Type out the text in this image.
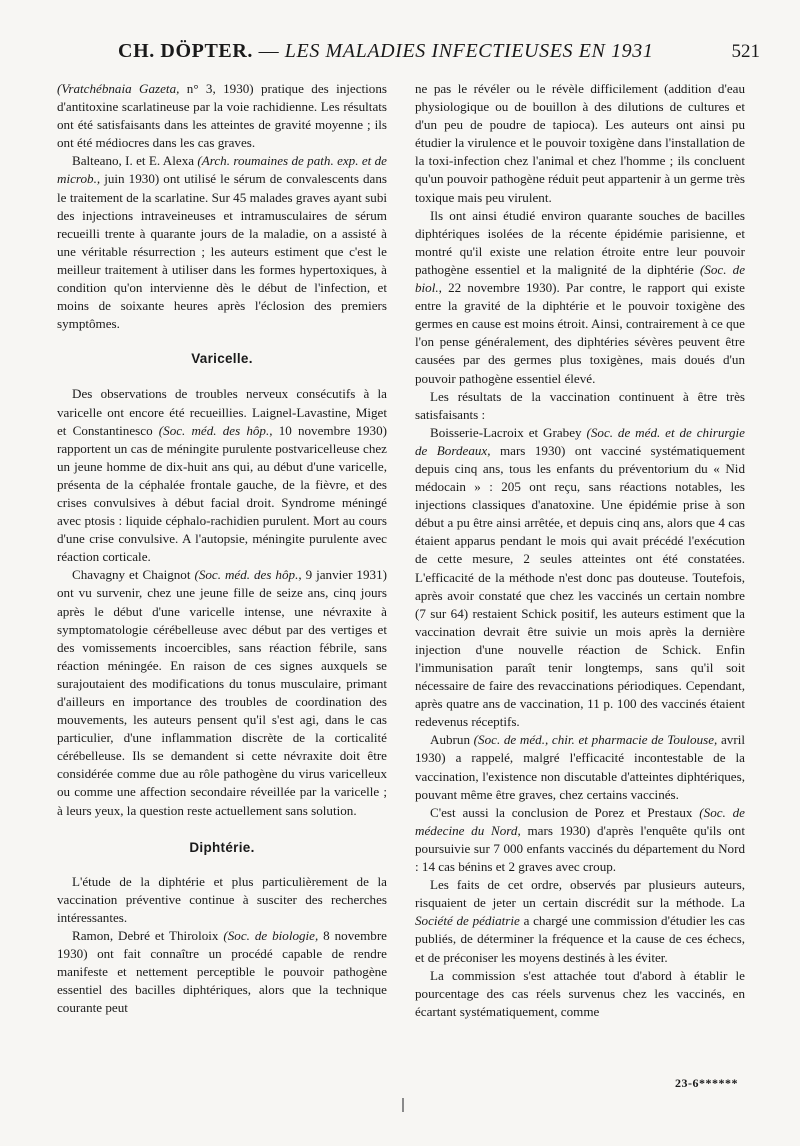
CH. DÖPTER. — LES MALADIES INFECTIEUSES EN 1931	521

(Vratchébnaia Gazeta, n° 3, 1930) pratique des injections d'antitoxine scarlatineuse par la voie rachidienne. Les résultats ont été satisfaisants dans les atteintes de gravité moyenne ; ils ont été médiocres dans les cas graves.

Balteano, I. et E. Alexa (Arch. roumaines de path. exp. et de microb., juin 1930) ont utilisé le sérum de convalescents dans le traitement de la scarlatine. Sur 45 malades graves ayant subi des injections intraveineuses et intramusculaires de sérum recueilli trente à quarante jours de la maladie, on a assisté à une véritable résurrection ; les auteurs estiment que c'est le meilleur traitement à utiliser dans les formes hypertoxiques, à condition qu'on intervienne dès le début de l'infection, et moins de soixante heures après l'éclosion des premiers symptômes.

Varicelle.

Des observations de troubles nerveux consécutifs à la varicelle ont encore été recueillies. Laignel-Lavastine, Miget et Constantinesco (Soc. méd. des hôp., 10 novembre 1930) rapportent un cas de méningite purulente postvaricelleuse chez un jeune homme de dix-huit ans qui, au début d'une varicelle, présenta de la céphalée frontale gauche, de la fièvre, et des crises convulsives à début facial droit. Syndrome méningé avec ptosis : liquide céphalo-rachidien purulent. Mort au cours d'une crise convulsive. A l'autopsie, méningite purulente avec réaction corticale.

Chavagny et Chaignot (Soc. méd. des hôp., 9 janvier 1931) ont vu survenir, chez une jeune fille de seize ans, cinq jours après le début d'une varicelle intense, une névraxite à symptomatologie cérébelleuse avec début par des vertiges et des vomissements incoercibles, sans réaction fébrile, sans réaction méningée. En raison de ces signes auxquels se surajoutaient des modifications du tonus musculaire, primant d'ailleurs en importance des troubles de coordination des mouvements, les auteurs pensent qu'il s'est agi, dans le cas particulier, d'une inflammation discrète de la corticalité cérébelleuse. Ils se demandent si cette névraxite doit être considérée comme due au rôle pathogène du virus varicelleux ou comme une affection secondaire réveillée par la varicelle ; à leurs yeux, la question reste actuellement sans solution.

Diphtérie.

L'étude de la diphtérie et plus particulièrement de la vaccination préventive continue à susciter des recherches intéressantes.

Ramon, Debré et Thiroloix (Soc. de biologie, 8 novembre 1930) ont fait connaître un procédé capable de rendre manifeste et nettement perceptible le pouvoir pathogène essentiel des bacilles diphtériques, alors que la technique courante peut

ne pas le révéler ou le révèle difficilement (addition d'eau physiologique ou de bouillon à des dilutions de cultures et d'un peu de poudre de tapioca). Les auteurs ont ainsi pu étudier la virulence et le pouvoir toxigène dans l'installation de la toxi-infection chez l'animal et chez l'homme ; ils concluent qu'un pouvoir pathogène réduit peut appartenir à un germe très toxique mais peu virulent.

Ils ont ainsi étudié environ quarante souches de bacilles diphtériques isolées de la récente épidémie parisienne, et montré qu'il existe une relation étroite entre leur pouvoir pathogène essentiel et la malignité de la diphtérie (Soc. de biol., 22 novembre 1930). Par contre, le rapport qui existe entre la gravité de la diphtérie et le pouvoir toxigène des germes en cause est moins étroit. Ainsi, contrairement à ce que l'on pense généralement, des diphtéries sévères peuvent être causées par des germes plus toxigènes, mais doués d'un pouvoir pathogène essentiel élevé.

Les résultats de la vaccination continuent à être très satisfaisants :

Boisserie-Lacroix et Grabey (Soc. de méd. et de chirurgie de Bordeaux, mars 1930) ont vacciné systématiquement depuis cinq ans, tous les enfants du préventorium du « Nid médocain » : 205 ont reçu, sans réactions notables, les injections classiques d'anatoxine. Une épidémie prise à son début a pu être ainsi arrêtée, et depuis cinq ans, alors que 4 cas étaient apparus pendant le mois qui avait précédé l'exécution de cette mesure, 2 seules atteintes ont été constatées. L'efficacité de la méthode n'est donc pas douteuse. Toutefois, après avoir constaté que chez les vaccinés un certain nombre (7 sur 64) restaient Schick positif, les auteurs estiment que la vaccination devrait être suivie un mois après la dernière injection d'une nouvelle réaction de Schick. Enfin l'immunisation paraît tenir longtemps, sans qu'il soit nécessaire de faire des revaccinations périodiques. Cependant, après quatre ans de vaccination, 11 p. 100 des vaccinés étaient redevenus réceptifs.

Aubrun (Soc. de méd., chir. et pharmacie de Toulouse, avril 1930) a rappelé, malgré l'efficacité incontestable de la vaccination, l'existence non discutable d'atteintes diphtériques, pouvant même être graves, chez certains vaccinés.

C'est aussi la conclusion de Porez et Prestaux (Soc. de médecine du Nord, mars 1930) d'après l'enquête qu'ils ont poursuivie sur 7 000 enfants vaccinés du département du Nord : 14 cas bénins et 2 graves avec croup.

Les faits de cet ordre, observés par plusieurs auteurs, risquaient de jeter un certain discrédit sur la méthode. La Société de pédiatrie a chargé une commission d'étudier les cas publiés, de déterminer la fréquence et la cause de ces échecs, et de préconiser les moyens destinés à les éviter.

La commission s'est attachée tout d'abord à établir le pourcentage des cas réels survenus chez les vaccinés, en écartant systématiquement, comme

23-6******
